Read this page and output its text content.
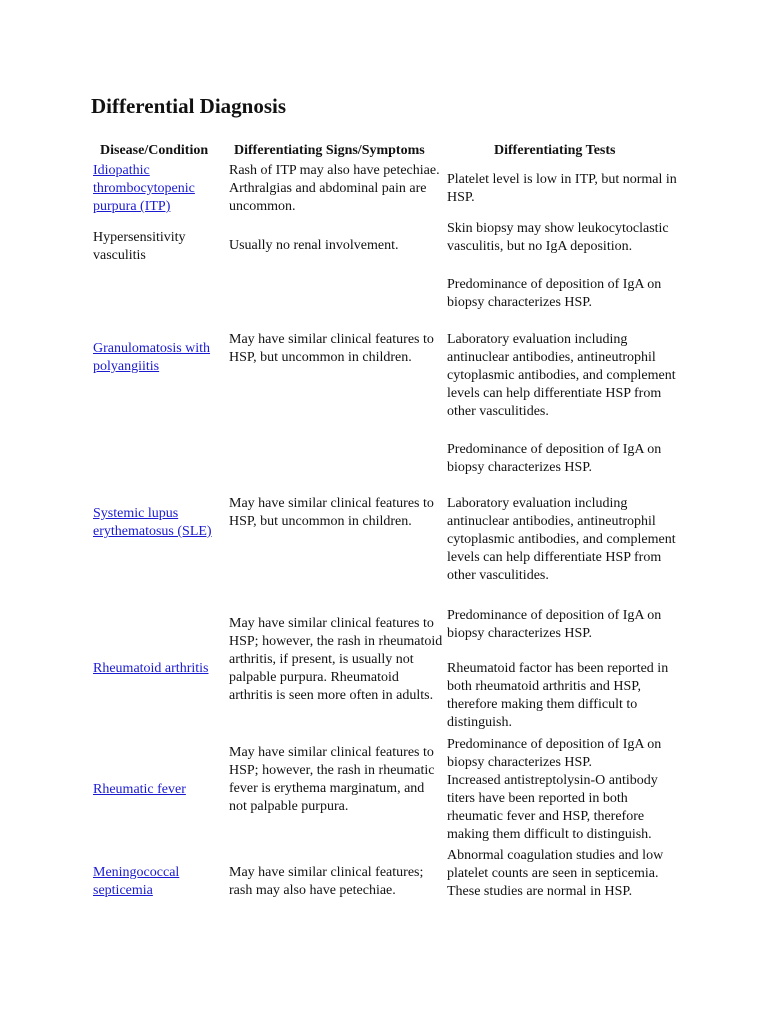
Differential Diagnosis
Disease/Condition Differentiating Signs/Symptoms	Differentiating Tests

Idiopathic thrombocytopenic purpura (ITP)

Rash of ITP may also have petechiae. Arthralgias and abdominal pain are uncommon.

Platelet level is low in ITP, but normal in HSP.

Hypersensitivity vasculitis

Usually no renal involvement.

Skin biopsy may show leukocytoclastic vasculitis, but no IgA deposition.

Predominance of deposition of IgA on biopsy characterizes HSP.

Granulomatosis with polyangiitis

May have similar clinical features to HSP, but uncommon in children.

Laboratory evaluation including antinuclear antibodies, antineutrophil cytoplasmic antibodies, and complement levels can help differentiate HSP from other vasculitides.

Predominance of deposition of IgA on biopsy characterizes HSP.

Systemic lupus erythematosus (SLE)

May have similar clinical features to HSP, but uncommon in children.

Laboratory evaluation including antinuclear antibodies, antineutrophil cytoplasmic antibodies, and complement levels can help differentiate HSP from other vasculitides.

Predominance of deposition of IgA on biopsy characterizes HSP.

Rheumatoid arthritis

May have similar clinical features to HSP; however, the rash in rheumatoid arthritis, if present, is usually not palpable purpura. Rheumatoid arthritis is seen more often in adults.

Rheumatoid factor has been reported in both rheumatoid arthritis and HSP, therefore making them difficult to distinguish.

Predominance of deposition of IgA on biopsy characterizes HSP.

Rheumatic fever

May have similar clinical features to HSP; however, the rash in rheumatic fever is erythema marginatum, and not palpable purpura.

Increased antistreptolysin-O antibody titers have been reported in both rheumatic fever and HSP, therefore making them difficult to distinguish.

Meningococcal septicemia

May have similar clinical features; rash may also have petechiae.

Abnormal coagulation studies and low platelet counts are seen in septicemia. These studies are normal in HSP.
